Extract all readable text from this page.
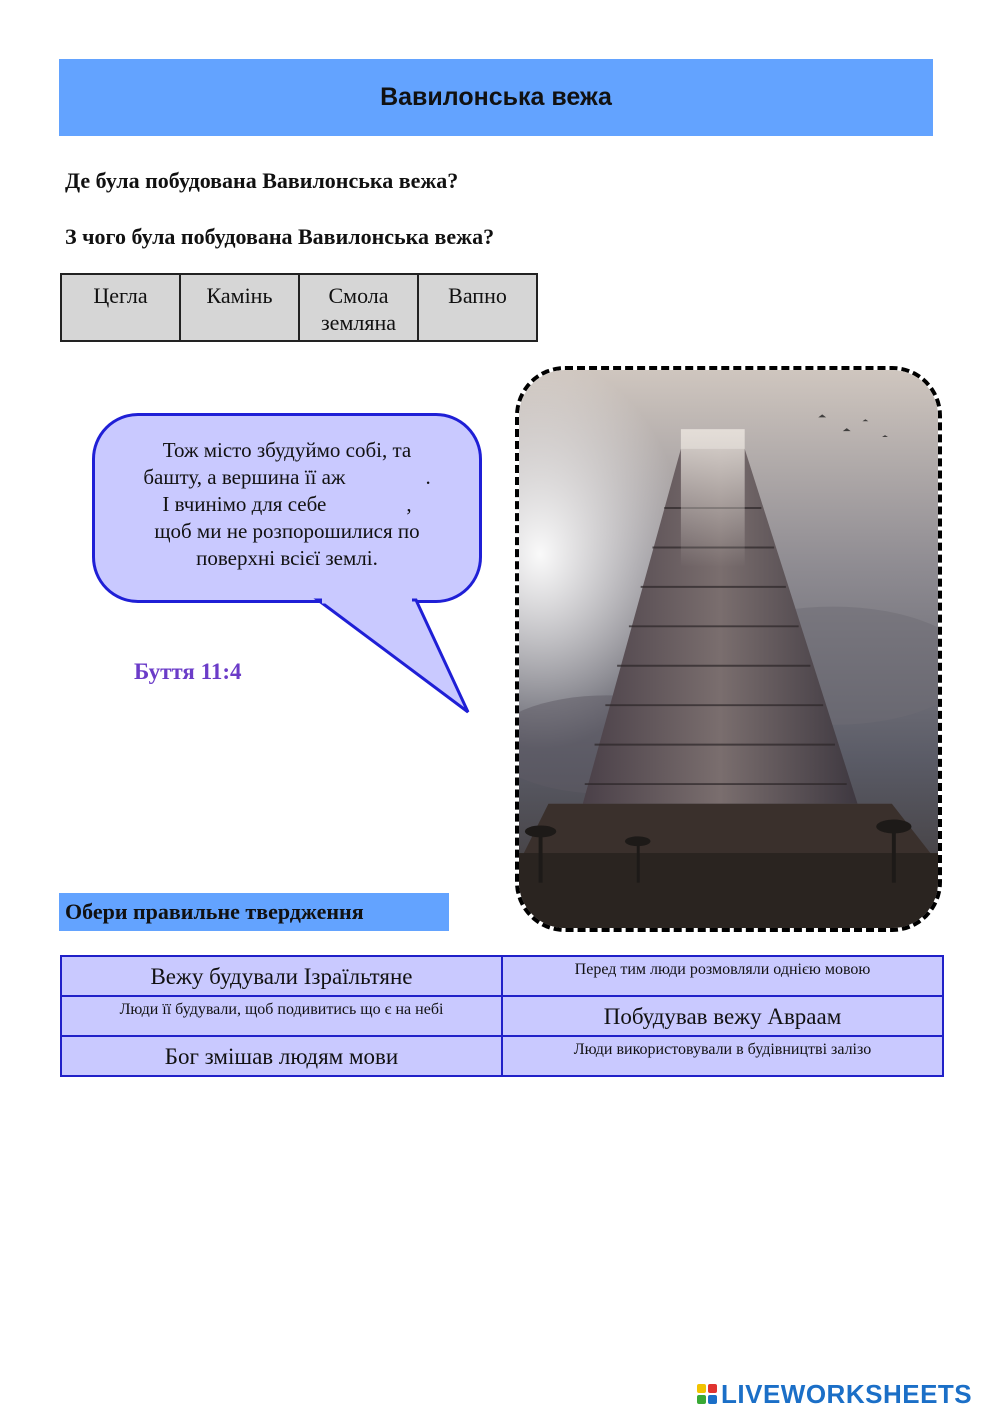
Вавилонська вежа
Де була побудована Вавилонська вежа?
З чого була побудована Вавилонська вежа?
Цегла	Камінь	Смола земляна	Вапно
Тож місто збудуймо собі, та
башту, а вершина її аж	.
І вчинімо для себе	,
щоб ми не розпорошилися по
поверхні всієї землі.
Буття 11:4
Обери правильне твердження
Вежу будували Ізраїльтяне	Перед тим люди розмовляли однією мовою
Люди її будували, щоб подивитись що є на небі	Побудував вежу Авраам
Бог змішав людям мови	Люди використовували в будівництві залізо
LIVEWORKSHEETS
